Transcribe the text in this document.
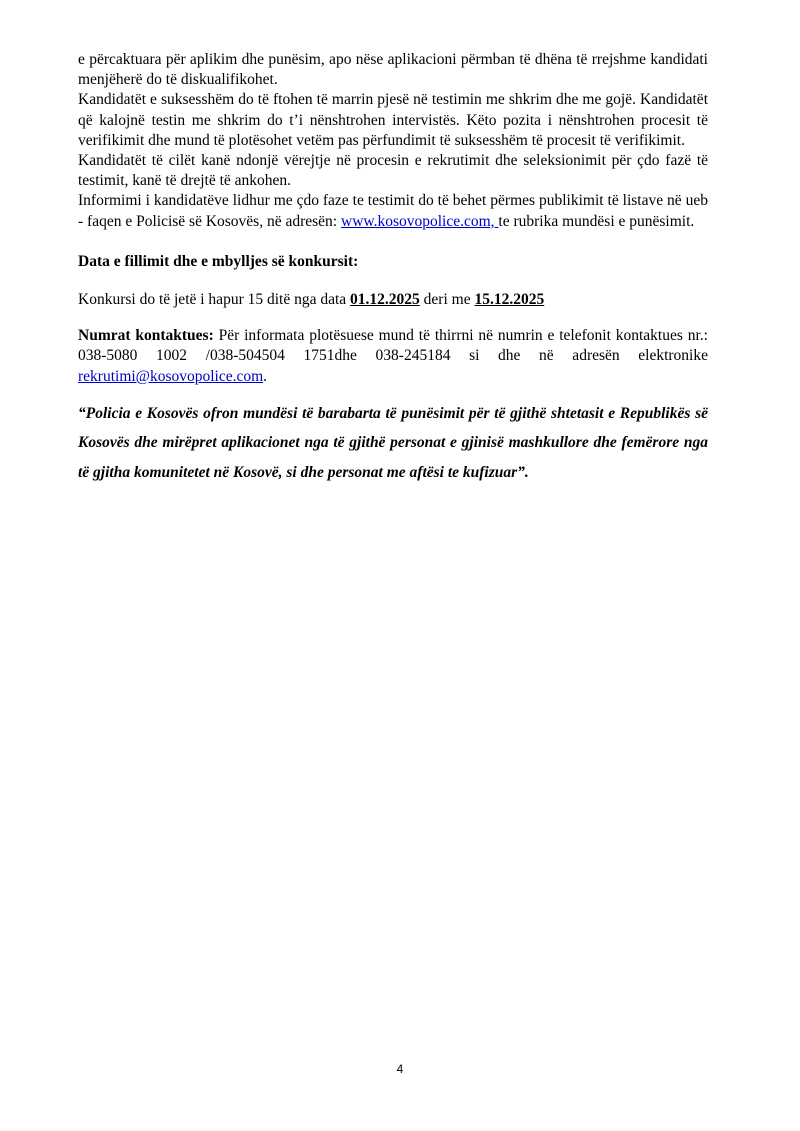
e përcaktuara për aplikim dhe punësim, apo nëse aplikacioni përmban të dhëna të rrejshme kandidati menjëherë do të diskualifikohet.

Kandidatët e suksesshëm do të ftohen të marrin pjesë në testimin me shkrim dhe me gojë. Kandidatët që kalojnë testin me shkrim do t’i nënshtrohen intervistës. Këto pozita i nënshtrohen procesit të verifikimit dhe mund të plotësohet vetëm pas përfundimit të suksesshëm të procesit të verifikimit.

Kandidatët të cilët kanë ndonjë vërejtje në procesin e rekrutimit dhe seleksionimit për çdo fazë të testimit, kanë të drejtë të ankohen.

Informimi i kandidatëve lidhur me çdo faze te testimit do të behet përmes publikimit të listave në ueb - faqen e Policisë së Kosovës, në adresën: www.kosovopolice.com, te rubrika mundësi e punësimit.

Data e fillimit dhe e mbylljes së konkursit:

Konkursi do të jetë i hapur 15 ditë nga data 01.12.2025 deri me 15.12.2025

Numrat kontaktues: Për informata plotësuese mund të thirrni në numrin e telefonit kontaktues nr.: 038-5080 1002 /038-504504 1751dhe 038-245184 si dhe në adresën elektronike rekrutimi@kosovopolice.com.

“Policia e Kosovës ofron mundësi të barabarta të punësimit për të gjithë shtetasit e Republikës së Kosovës dhe mirëpret aplikacionet nga të gjithë personat e gjinisë mashkullore dhe femërore nga të gjitha komunitetet në Kosovë, si dhe personat me aftësi te kufizuar”.

4
